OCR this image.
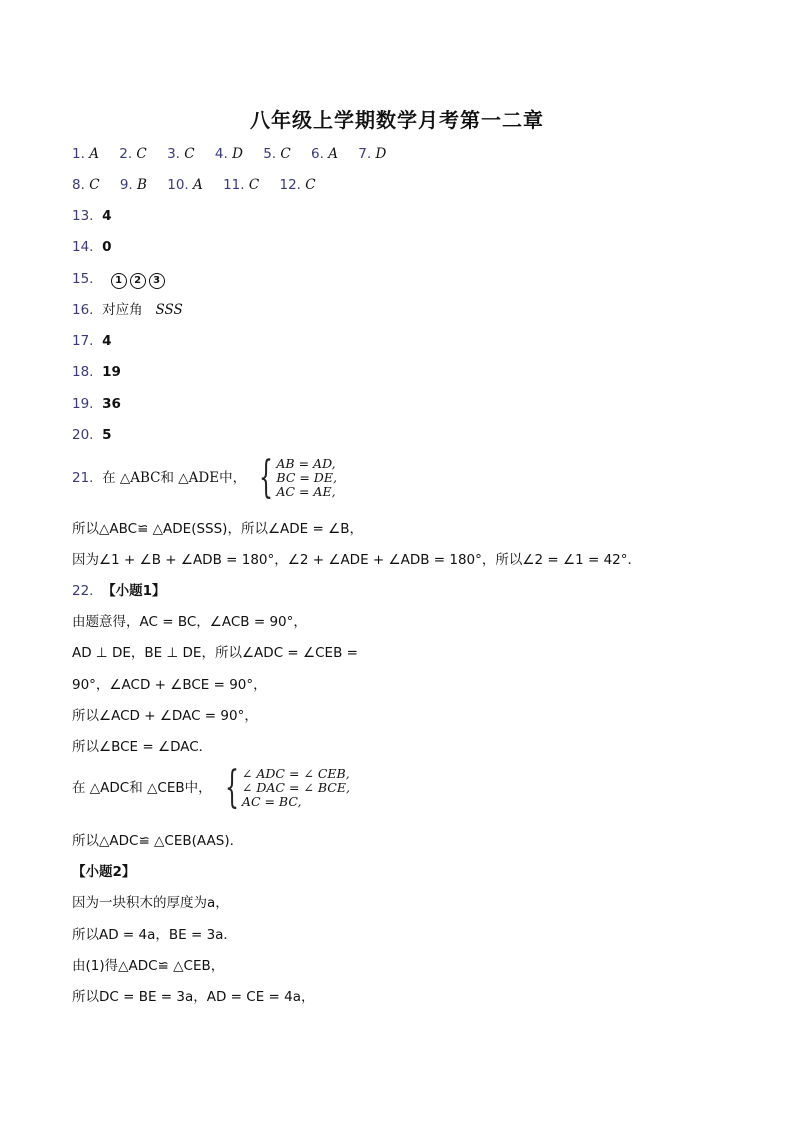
八年级上学期数学月考第一二章
1. A 2. C 3. C 4. D 5. C 6. A 7. D
8. C 9. B 10. A 11. C 12. C
13. 4
14. 0
15. 1 2 3
16. 对应角 SSS
17. 4
18. 19
19. 36
20. 5
21. 在 △ABC和 △ADE中， { AB = AD,
BC = DE,
AC = AE,
所以△ABC≌ △ADE(SSS)，所以∠ADE = ∠B，
因为∠1 + ∠B + ∠ADB = 180°，∠2 + ∠ADE + ∠ADB = 180°，所以∠2 = ∠1 = 42°．
22. 【小题1】
由题意得，AC = BC，∠ACB = 90°，
AD ⊥ DE，BE ⊥ DE，所以∠ADC = ∠CEB =
90°，∠ACD + ∠BCE = 90°，
所以∠ACD + ∠DAC = 90°，
所以∠BCE = ∠DAC．
在 △ADC和 △CEB中， { ∠ ADC = ∠ CEB,
∠ DAC = ∠ BCE,
AC = BC,
所以△ADC≌ △CEB(AAS)．
【小题2】
因为一块积木的厚度为a，
所以AD = 4a，BE = 3a．
由(1)得△ADC≌ △CEB，
所以DC = BE = 3a，AD = CE = 4a，
